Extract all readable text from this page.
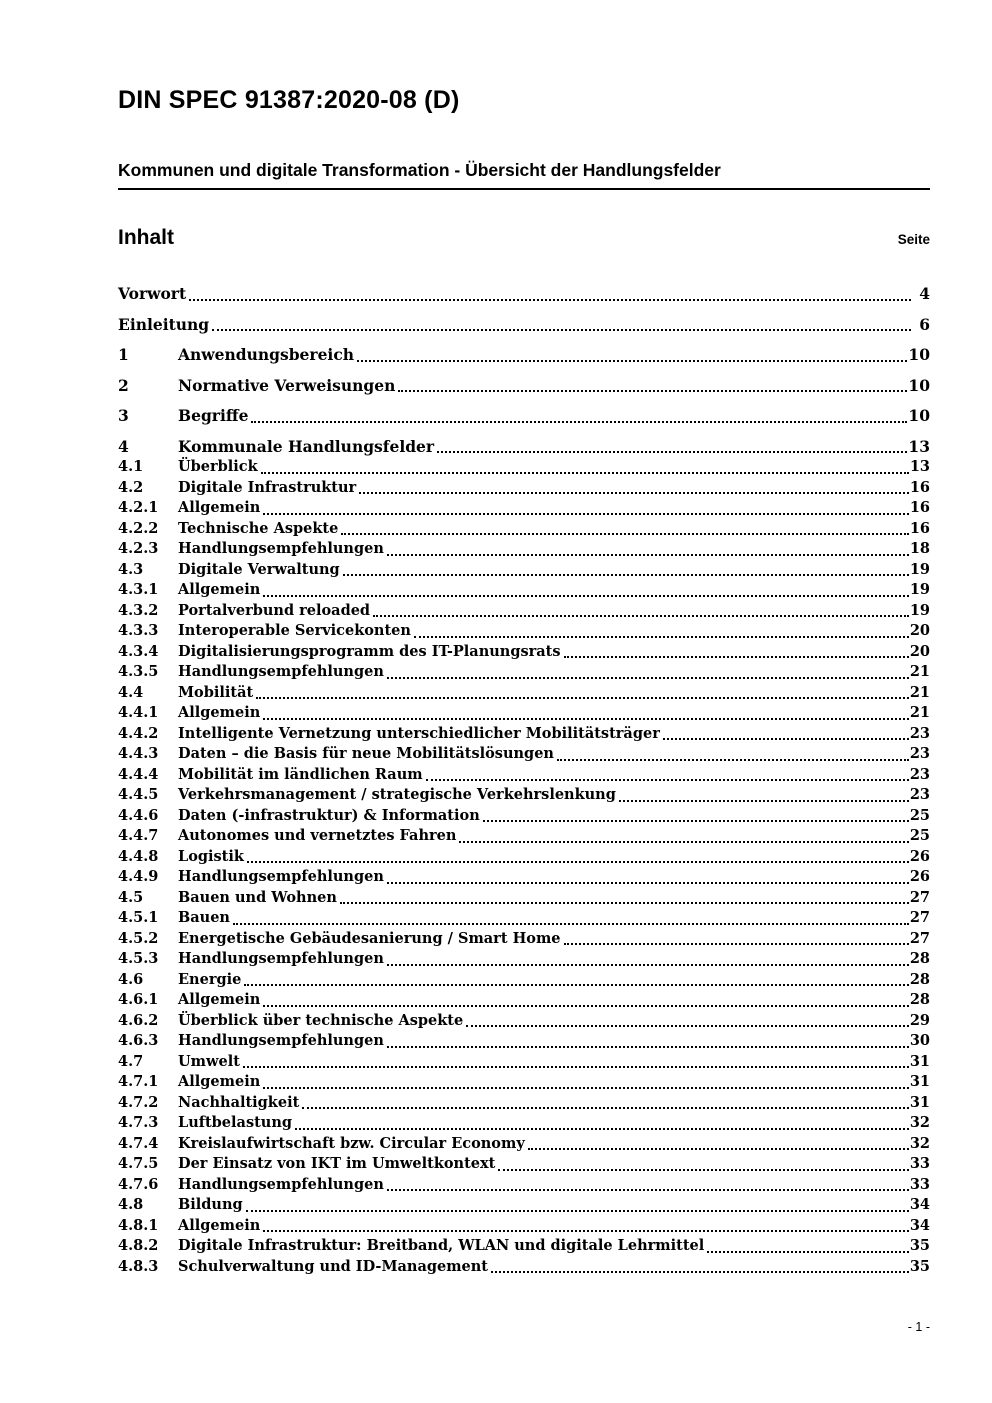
DIN SPEC 91387:2020-08 (D)
Kommunen und digitale Transformation - Übersicht der Handlungsfelder
Inhalt	Seite
Vorwort	4
Einleitung	6
1	Anwendungsbereich	10
2	Normative Verweisungen	10
3	Begriffe	10
4	Kommunale Handlungsfelder	13
4.1	Überblick	13
4.2	Digitale Infrastruktur	16
4.2.1	Allgemein	16
4.2.2	Technische Aspekte	16
4.2.3	Handlungsempfehlungen	18
4.3	Digitale Verwaltung	19
4.3.1	Allgemein	19
4.3.2	Portalverbund reloaded	19
4.3.3	Interoperable Servicekonten	20
4.3.4	Digitalisierungsprogramm des IT-Planungsrats	20
4.3.5	Handlungsempfehlungen	21
4.4	Mobilität	21
4.4.1	Allgemein	21
4.4.2	Intelligente Vernetzung unterschiedlicher Mobilitätsträger	23
4.4.3	Daten – die Basis für neue Mobilitätslösungen	23
4.4.4	Mobilität im ländlichen Raum	23
4.4.5	Verkehrsmanagement / strategische Verkehrslenkung	23
4.4.6	Daten (-infrastruktur) & Information	25
4.4.7	Autonomes und vernetztes Fahren	25
4.4.8	Logistik	26
4.4.9	Handlungsempfehlungen	26
4.5	Bauen und Wohnen	27
4.5.1	Bauen	27
4.5.2	Energetische Gebäudesanierung / Smart Home	27
4.5.3	Handlungsempfehlungen	28
4.6	Energie	28
4.6.1	Allgemein	28
4.6.2	Überblick über technische Aspekte	29
4.6.3	Handlungsempfehlungen	30
4.7	Umwelt	31
4.7.1	Allgemein	31
4.7.2	Nachhaltigkeit	31
4.7.3	Luftbelastung	32
4.7.4	Kreislaufwirtschaft bzw. Circular Economy	32
4.7.5	Der Einsatz von IKT im Umweltkontext	33
4.7.6	Handlungsempfehlungen	33
4.8	Bildung	34
4.8.1	Allgemein	34
4.8.2	Digitale Infrastruktur: Breitband, WLAN und digitale Lehrmittel	35
4.8.3	Schulverwaltung und ID-Management	35
- 1 -
